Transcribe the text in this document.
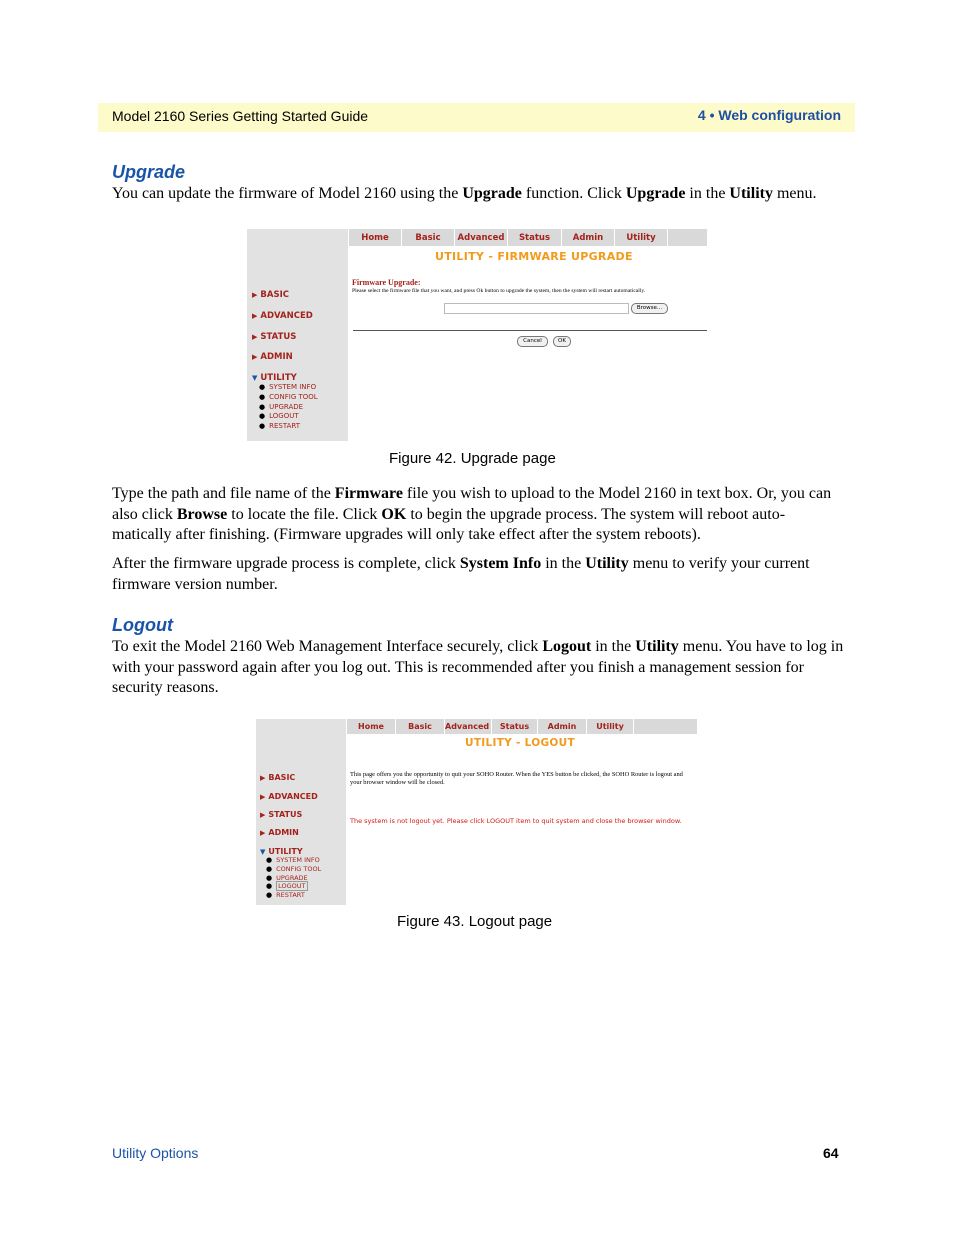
Model 2160 Series Getting Started Guide	4 • Web configuration
Upgrade
You can update the firmware of Model 2160 using the Upgrade function. Click Upgrade in the Utility menu.
Home	Basic	Advanced	Status	Admin	Utility
UTILITY - FIRMWARE UPGRADE
▶ BASIC
▶ ADVANCED
▶ STATUS
▶ ADMIN
▼ UTILITY
● SYSTEM INFO
● CONFIG TOOL
● UPGRADE
● LOGOUT
● RESTART
Firmware Upgrade:
Please select the firmware file that you want, and press Ok button to upgrade the system, then the system will restart automatically.
Browse...
Cancel	OK
Figure 42. Upgrade page
Type the path and file name of the Firmware file you wish to upload to the Model 2160 in text box. Or, you can also click Browse to locate the file. Click OK to begin the upgrade process. The system will reboot auto-matically after finishing. (Firmware upgrades will only take effect after the system reboots).
After the firmware upgrade process is complete, click System Info in the Utility menu to verify your current firmware version number.
Logout
To exit the Model 2160 Web Management Interface securely, click Logout in the Utility menu. You have to log in with your password again after you log out. This is recommended after you finish a management session for security reasons.
Home	Basic	Advanced	Status	Admin	Utility
UTILITY - LOGOUT
▶ BASIC
▶ ADVANCED
▶ STATUS
▶ ADMIN
▼ UTILITY
● SYSTEM INFO
● CONFIG TOOL
● UPGRADE
● LOGOUT
● RESTART
This page offers you the opportunity to quit your SOHO Router. When the YES button be clicked, the SOHO Router is logout and your browser window will be closed.
The system is not logout yet. Please click LOGOUT item to quit system and close the browser window.
Figure 43. Logout page
Utility Options	64
